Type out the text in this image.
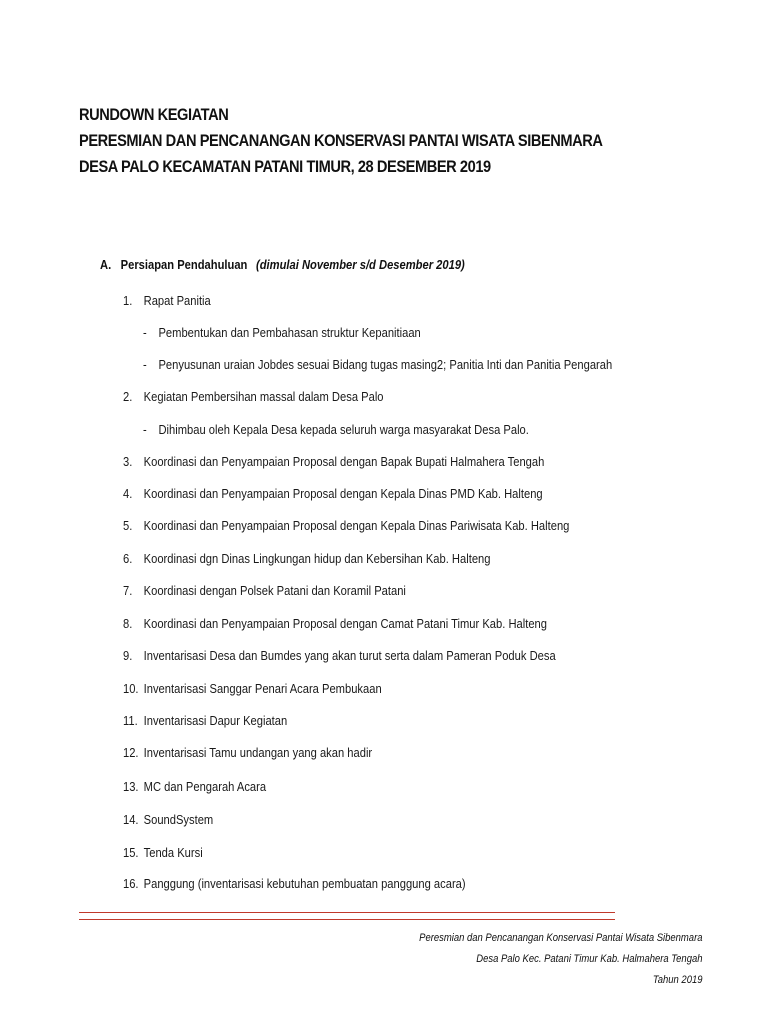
RUNDOWN KEGIATAN
PERESMIAN DAN PENCANANGAN KONSERVASI PANTAI WISATA SIBENMARA
DESA PALO KECAMATAN PATANI TIMUR, 28 DESEMBER 2019
A. Persiapan Pendahuluan (dimulai November s/d Desember 2019)
1. Rapat Panitia
- Pembentukan dan Pembahasan struktur Kepanitiaan
- Penyusunan uraian Jobdes sesuai Bidang tugas masing2; Panitia Inti dan Panitia Pengarah
2. Kegiatan Pembersihan massal dalam Desa Palo
- Dihimbau oleh Kepala Desa kepada seluruh warga masyarakat Desa Palo.
3. Koordinasi dan Penyampaian Proposal dengan Bapak Bupati Halmahera Tengah
4. Koordinasi dan Penyampaian Proposal dengan Kepala Dinas PMD Kab. Halteng
5. Koordinasi dan Penyampaian Proposal dengan Kepala Dinas Pariwisata Kab. Halteng
6. Koordinasi dgn Dinas Lingkungan hidup dan Kebersihan Kab. Halteng
7. Koordinasi dengan Polsek Patani dan Koramil Patani
8. Koordinasi dan Penyampaian Proposal dengan Camat Patani Timur Kab. Halteng
9. Inventarisasi Desa dan Bumdes yang akan turut serta dalam Pameran Poduk Desa
10. Inventarisasi Sanggar Penari Acara Pembukaan
11. Inventarisasi Dapur Kegiatan
12. Inventarisasi Tamu undangan yang akan hadir
13. MC dan Pengarah Acara
14. SoundSystem
15. Tenda Kursi
16. Panggung (inventarisasi kebutuhan pembuatan panggung acara)
Peresmian dan Pencanangan Konservasi Pantai Wisata Sibenmara
Desa Palo Kec. Patani Timur Kab. Halmahera Tengah
Tahun 2019
